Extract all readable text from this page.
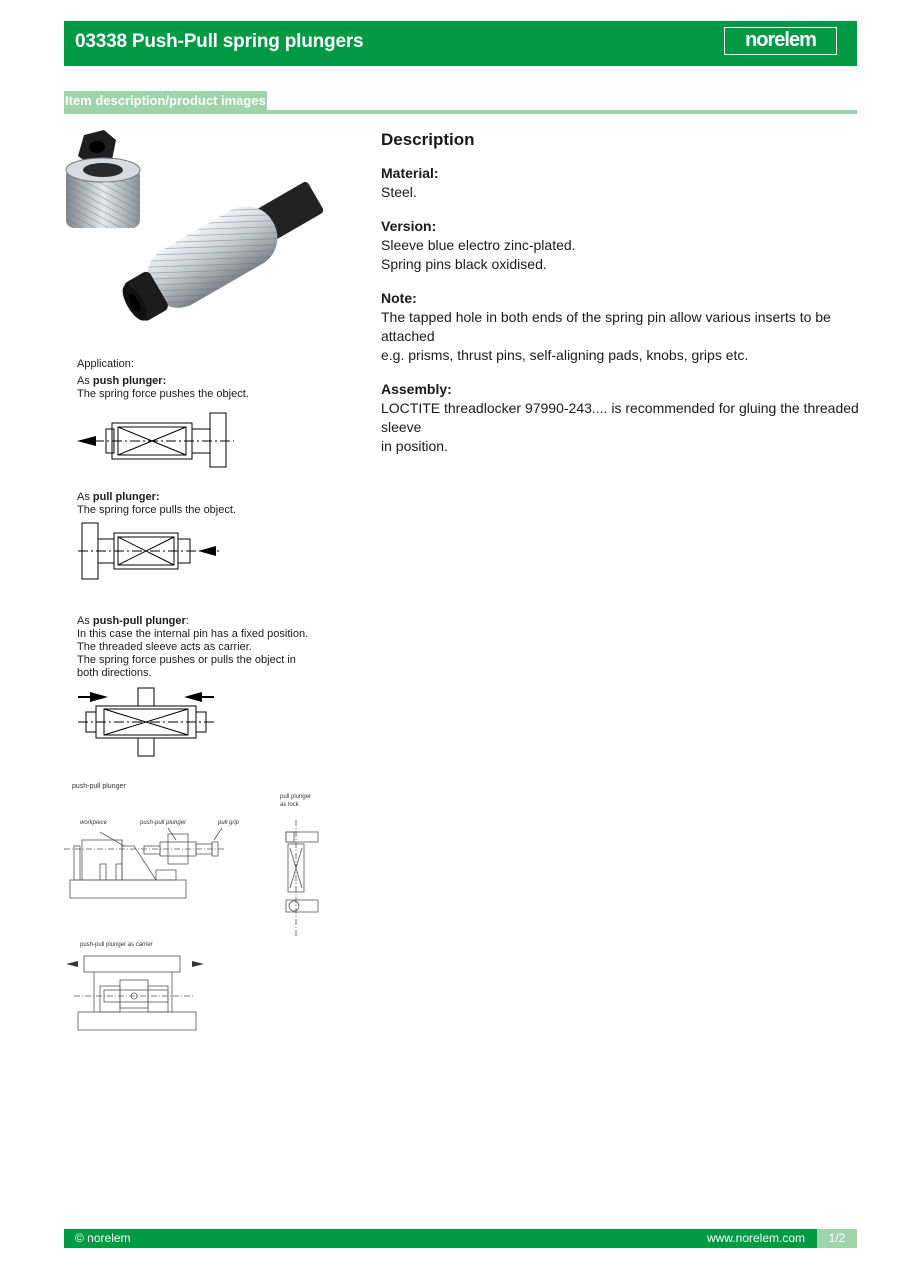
03338 Push-Pull spring plungers	norelem
Item description/product images
Application:
As push plunger:
The spring force pushes the object.
As pull plunger:
The spring force pulls the object.
As push-pull plunger:
In this case the internal pin has a fixed position.
The threaded sleeve acts as carrier.
The spring force pushes or pulls the object in
both directions.
push-pull plunger
workpiece	push-pull plunger	pull grip
pull plunger
as lock
push-pull plunger as carrier
Description

Material:

Steel.

Version:

Sleeve blue electro zinc-plated.

Spring pins black oxidised.

Note:

The tapped hole in both ends of the spring pin allow various inserts to be attached

e.g. prisms, thrust pins, self-aligning pads, knobs, grips etc.

Assembly:

LOCTITE threadlocker 97990-243.... is recommended for gluing the threaded sleeve

in position.

© norelem	www.norelem.com	1/2
